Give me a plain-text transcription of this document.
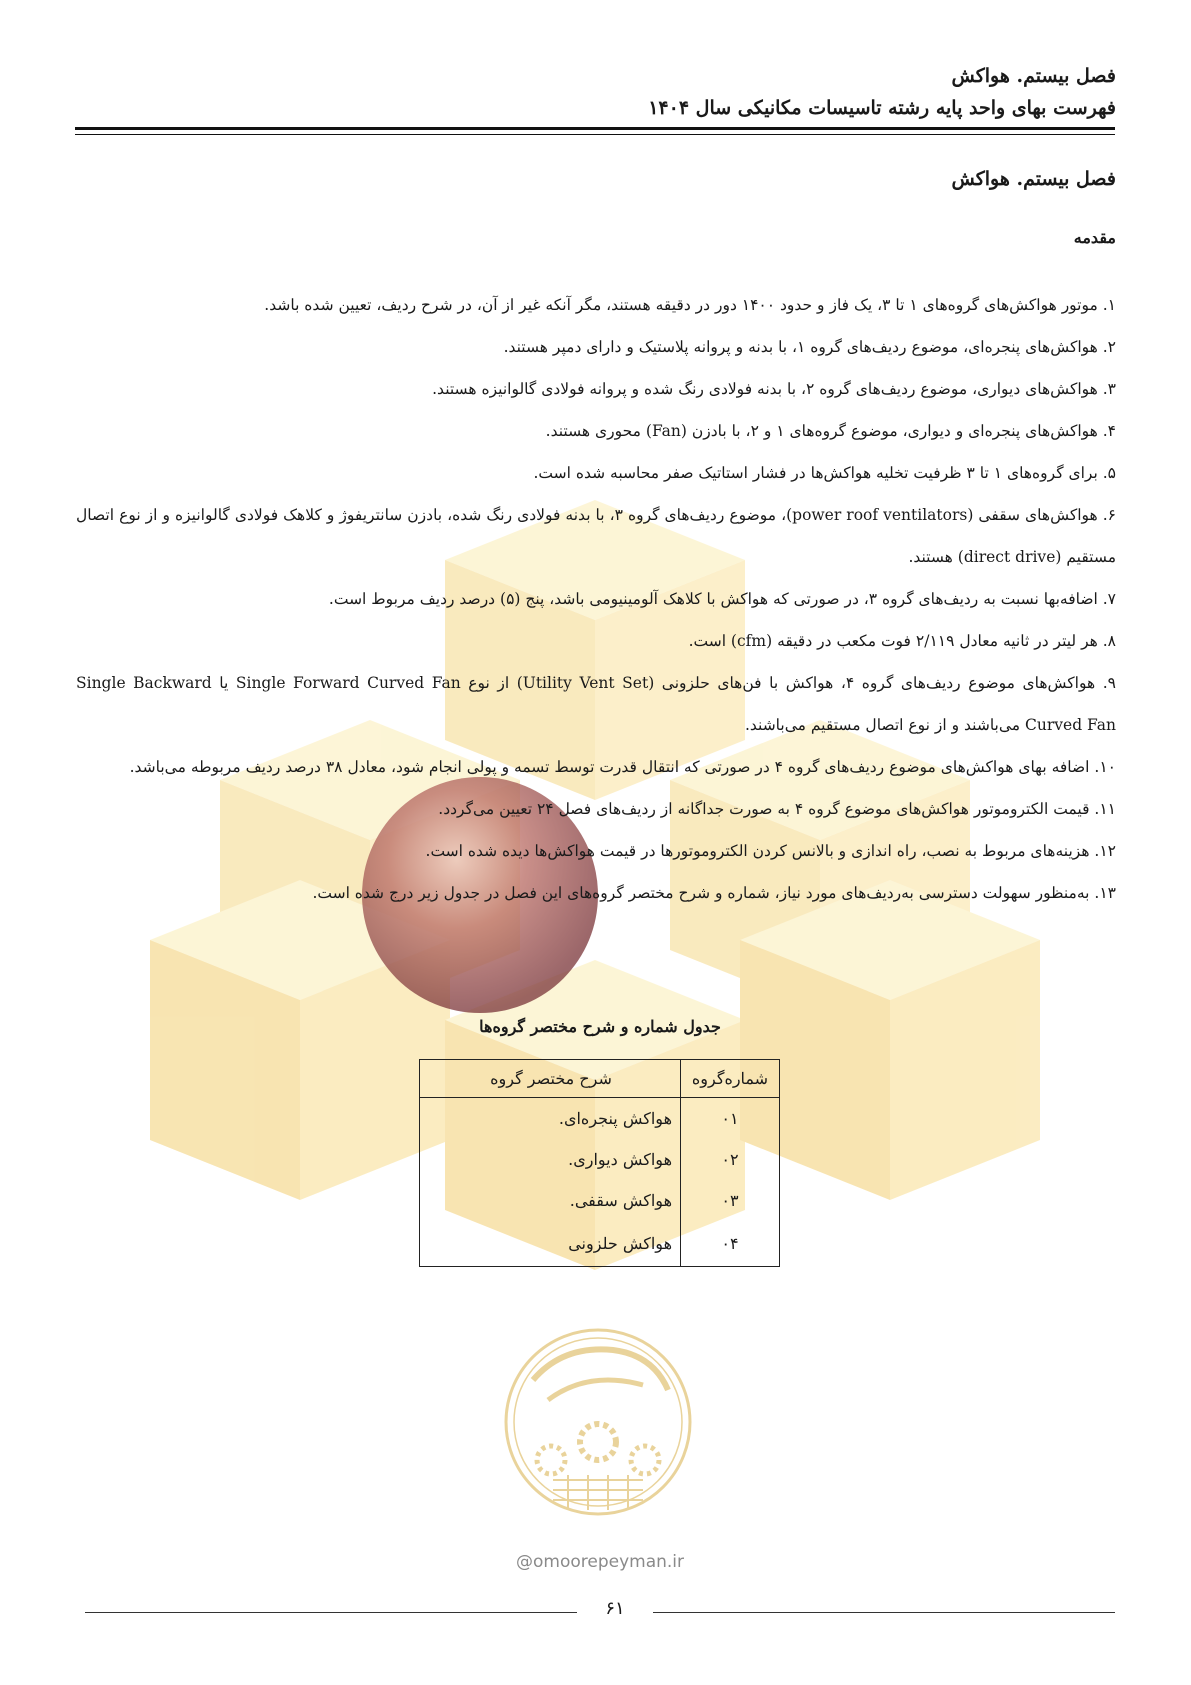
فصل بیستم. هواکش
فهرست بهای واحد پایه رشته تاسیسات مکانیکی سال ۱۴۰۴
فصل بیستم. هواکش
مقدمه
۱. موتور هواکش‌های گروه‌های ۱ تا ۳، یک فاز و حدود ۱۴۰۰ دور در دقیقه هستند، مگر آنکه غیر از آن، در شرح ردیف، تعیین شده باشد.
۲. هواکش‌های پنجره‌ای، موضوع ردیف‌های گروه ۱، با بدنه و پروانه پلاستیک و دارای دمپر هستند.
۳. هواکش‌های دیواری، موضوع ردیف‌های گروه ۲، با بدنه فولادی رنگ شده و پروانه فولادی گالوانیزه هستند.
۴. هواکش‌های پنجره‌ای و دیواری، موضوع گروه‌های ۱ و ۲، با بادزن (Fan) محوری هستند.
۵. برای گروه‌های ۱ تا ۳ ظرفیت تخلیه هواکش‌ها در فشار استاتیک صفر محاسبه شده است.
۶. هواکش‌های سقفی (power roof ventilators)، موضوع ردیف‌های گروه ۳، با بدنه فولادی رنگ شده، بادزن سانتریفوژ و کلاهک فولادی گالوانیزه و از نوع اتصال مستقیم (direct drive) هستند.
۷. اضافه‌بها نسبت به ردیف‌های گروه ۳، در صورتی که هواکش با کلاهک آلومینیومی باشد، پنج (۵) درصد ردیف مربوط است.
۸. هر لیتر در ثانیه معادل ۲/۱۱۹ فوت مکعب در دقیقه (cfm) است.
۹. هواکش‌های موضوع ردیف‌های گروه ۴، هواکش با فن‌های حلزونی (Utility Vent Set) از نوع Single Forward Curved Fan یا Single Backward Curved Fan می‌باشند و از نوع اتصال مستقیم می‌باشند.
۱۰. اضافه بهای هواکش‌های موضوع ردیف‌های گروه ۴ در صورتی که انتقال قدرت توسط تسمه و پولی انجام شود، معادل ۳۸ درصد ردیف مربوطه می‌باشد.
۱۱. قیمت الکتروموتور هواکش‌های موضوع گروه ۴ به صورت جداگانه از ردیف‌های فصل ۲۴ تعیین می‌گردد.
۱۲. هزینه‌های مربوط به نصب، راه اندازی و بالانس کردن الکتروموتورها در قیمت هواکش‌ها دیده شده است.
۱۳. به‌منظور سهولت دسترسی به‌ردیف‌های مورد نیاز، شماره و شرح مختصر گروه‌های این فصل در جدول زیر درج شده است.
جدول شماره و شرح مختصر گروه‌ها
شماره‌گروه	شرح مختصر گروه
۰۱	هواکش پنجره‌ای.
۰۲	هواکش دیواری.
۰۳	هواکش سقفی.
۰۴	هواکش حلزونی
@omoorepeyman.ir
۶۱
